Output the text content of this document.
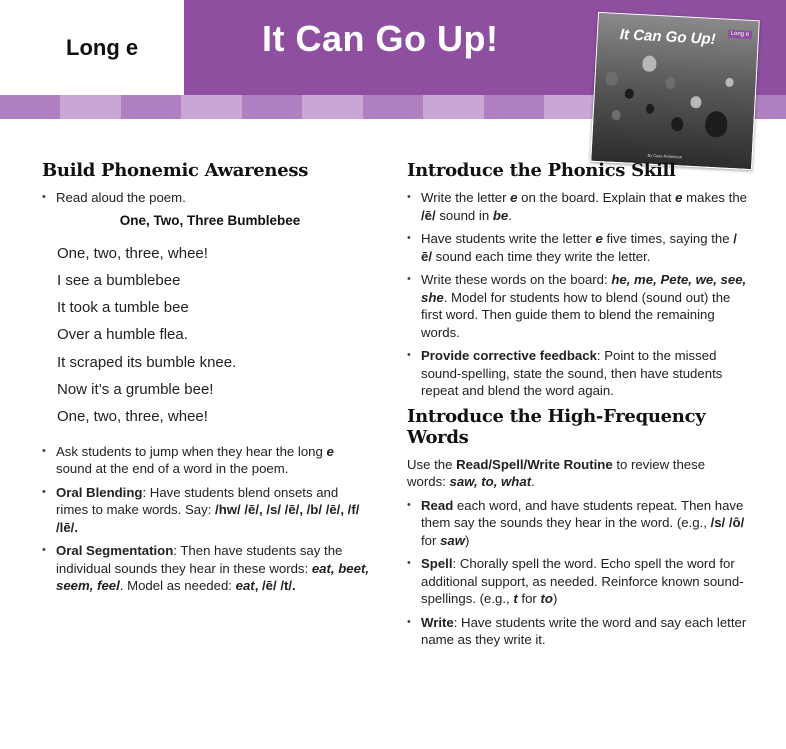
Long e	It Can Go Up!	It Can Go Up!	Long e
By Cass Robertson
Build Phonemic Awareness
• Read aloud the poem.
One, Two, Three Bumblebee
One, two, three, whee!
I see a bumblebee
It took a tumble bee
Over a humble flea.
It scraped its bumble knee.
Now it’s a grumble bee!
One, two, three, whee!
• Ask students to jump when they hear the long e sound at the end of a word in the poem.
• Oral Blending: Have students blend onsets and rimes to make words. Say: /hw/ /ē/, /s/ /ē/, /b/ /ē/, /f/ /lē/.
• Oral Segmentation: Then have students say the individual sounds they hear in these words: eat, beet, seem, feel. Model as needed: eat, /ē/ /t/.
Introduce the Phonics Skill
• Write the letter e on the board. Explain that e makes the /ē/ sound in be.
• Have students write the letter e five times, saying the /ē/ sound each time they write the letter.
• Write these words on the board: he, me, Pete, we, see, she. Model for students how to blend (sound out) the first word. Then guide them to blend the remaining words.
• Provide corrective feedback: Point to the missed sound-spelling, state the sound, then have students repeat and blend the word again.
Introduce the High-Frequency Words
Use the Read/Spell/Write Routine to review these words: saw, to, what.
• Read each word, and have students repeat. Then have them say the sounds they hear in the word. (e.g., /s/ /ô/ for saw)
• Spell: Chorally spell the word. Echo spell the word for additional support, as needed. Reinforce known sound-spellings. (e.g., t for to)
• Write: Have students write the word and say each letter name as they write it.
